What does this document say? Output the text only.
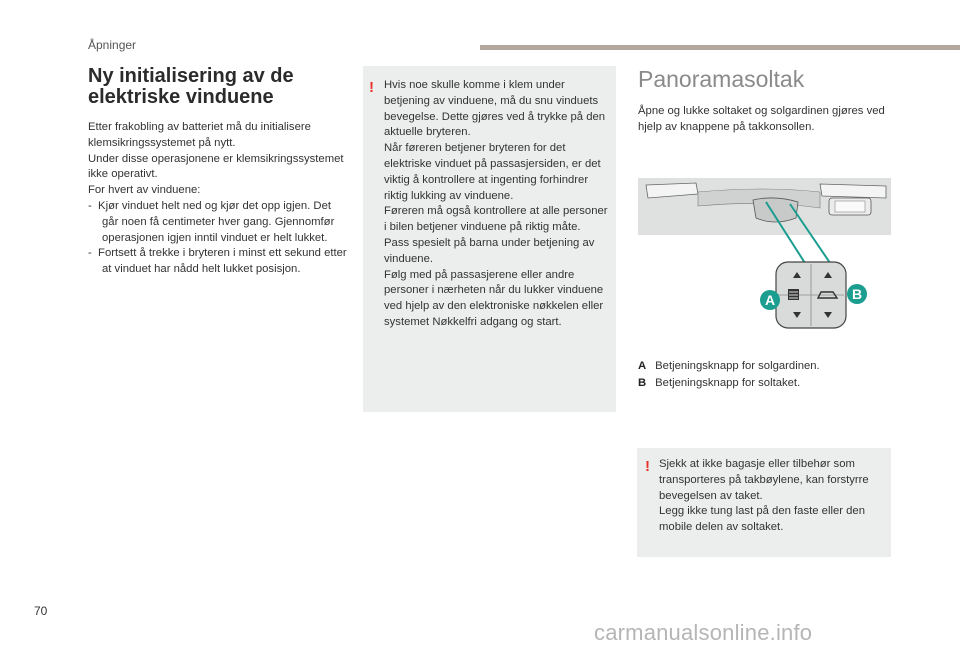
Åpninger
Ny initialisering av de elektriske vinduene

Etter frakobling av batteriet må du initialisere klemsikringssystemet på nytt.

Under disse operasjonene er klemsikringssystemet ikke operativt.

For hvert av vinduene:

-  Kjør vinduet helt ned og kjør det opp igjen. Det går noen få centimeter hver gang. Gjennomfør operasjonen igjen inntil vinduet er helt lukket.

-  Fortsett å trekke i bryteren i minst ett sekund etter at vinduet har nådd helt lukket posisjon.

! Hvis noe skulle komme i klem under betjening av vinduene, må du snu vinduets bevegelse. Dette gjøres ved å trykke på den aktuelle bryteren.
Når føreren betjener bryteren for det elektriske vinduet på passasjersiden, er det viktig å kontrollere at ingenting forhindrer riktig lukking av vinduene.
Føreren må også kontrollere at alle personer i bilen betjener vinduene på riktig måte.
Pass spesielt på barna under betjening av vinduene.
Følg med på passasjerene eller andre personer i nærheten når du lukker vinduene ved hjelp av den elektroniske nøkkelen eller systemet Nøkkelfri adgang og start.
Panoramasoltak

Åpne og lukke soltaket og solgardinen gjøres ved hjelp av knappene på takkonsollen.

A	B
A Betjeningsknapp for solgardinen.
B Betjeningsknapp for soltaket.
! Sjekk at ikke bagasje eller tilbehør som transporteres på takbøylene, kan forstyrre bevegelsen av taket.
Legg ikke tung last på den faste eller den mobile delen av soltaket.
70
carmanualsonline.info
